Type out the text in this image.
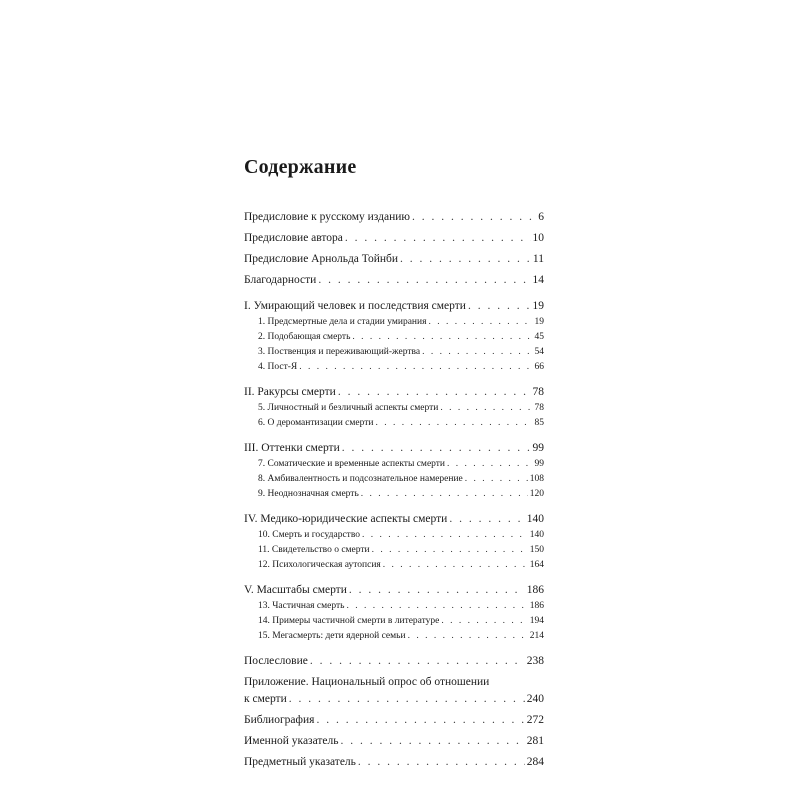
Содержание
Предисловие к русскому изданию . . .	6
Предисловие автора . . .	10
Предисловие Арнольда Тойнби . . .	11
Благодарности . . .	14
I. Умирающий человек и последствия смерти . . .	19
1. Предсмертные дела и стадии умирания . . .	19
2. Подобающая смерть . . .	45
3. Поственция и переживающий-жертва . . .	54
4. Пост-Я . . .	66
II. Ракурсы смерти . . .	78
5. Личностный и безличный аспекты смерти . . .	78
6. О деромантизации смерти . . .	85
III. Оттенки смерти . . .	99
7. Соматические и временные аспекты смерти . . .	99
8. Амбивалентность и подсознательное намерение . . .	108
9. Неоднозначная смерть . . .	120
IV. Медико-юридические аспекты смерти . . .	140
10. Смерть и государство . . .	140
11. Свидетельство о смерти . . .	150
12. Психологическая аутопсия . . .	164
V. Масштабы смерти . . .	186
13. Частичная смерть . . .	186
14. Примеры частичной смерти в литературе . . .	194
15. Мегасмерть: дети ядерной семьи . . .	214
Послесловие . . .	238
Приложение. Национальный опрос об отношении
к смерти . . .	240
Библиография . . .	272
Именной указатель . . .	281
Предметный указатель . . .	284
